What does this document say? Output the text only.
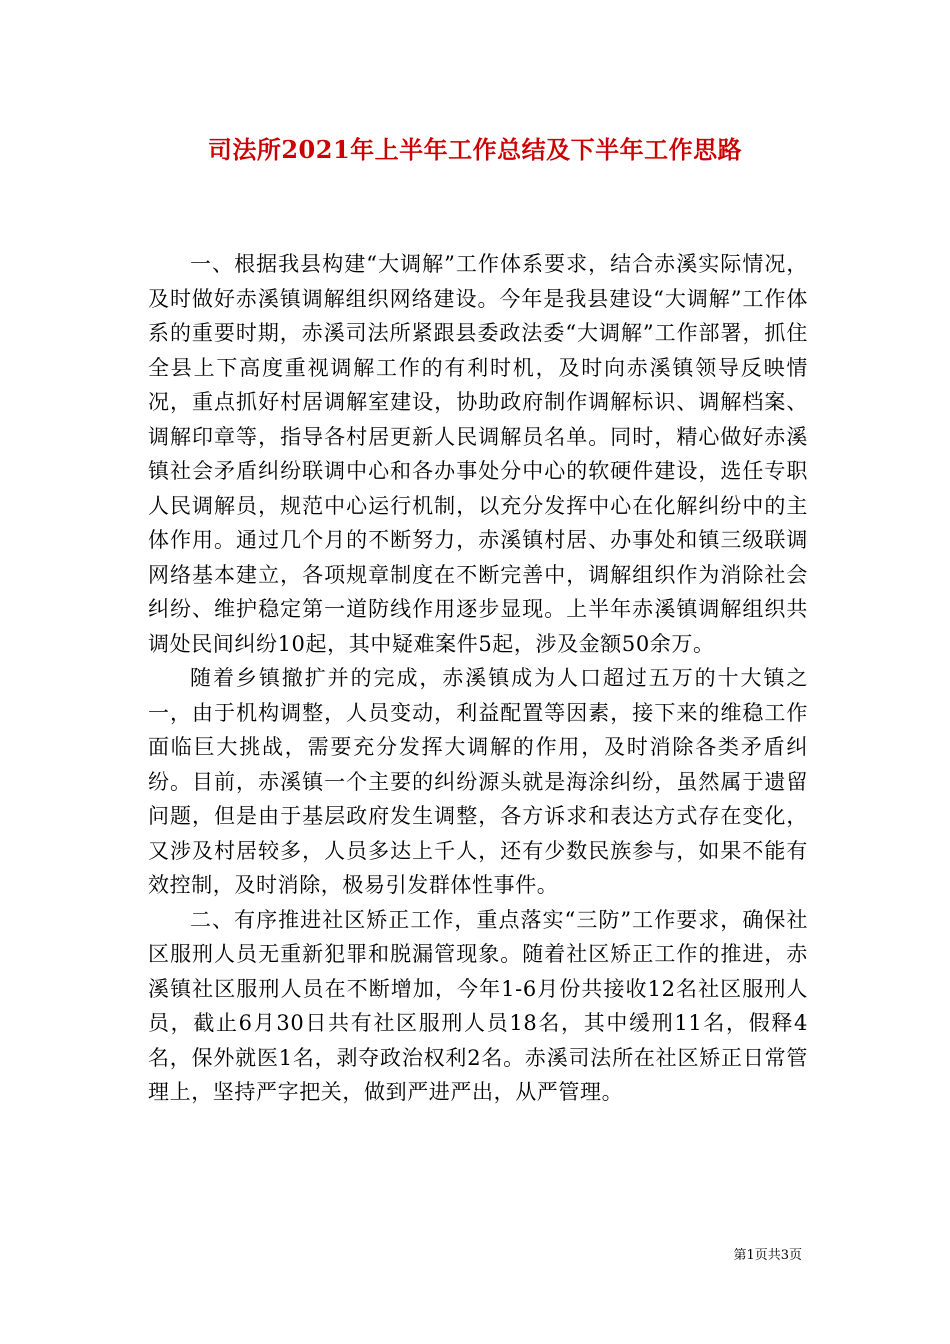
司法所2021年上半年工作总结及下半年工作思路

一、根据我县构建“大调解”工作体系要求，结合赤溪实际情况，及时做好赤溪镇调解组织网络建设。今年是我县建设“大调解”工作体系的重要时期，赤溪司法所紧跟县委政法委“大调解”工作部署，抓住全县上下高度重视调解工作的有利时机，及时向赤溪镇领导反映情况，重点抓好村居调解室建设，协助政府制作调解标识、调解档案、调解印章等，指导各村居更新人民调解员名单。同时，精心做好赤溪镇社会矛盾纠纷联调中心和各办事处分中心的软硬件建设，选任专职人民调解员，规范中心运行机制，以充分发挥中心在化解纠纷中的主体作用。通过几个月的不断努力，赤溪镇村居、办事处和镇三级联调网络基本建立，各项规章制度在不断完善中，调解组织作为消除社会纠纷、维护稳定第一道防线作用逐步显现。上半年赤溪镇调解组织共调处民间纠纷10起，其中疑难案件5起，涉及金额50余万。

随着乡镇撤扩并的完成，赤溪镇成为人口超过五万的十大镇之一，由于机构调整，人员变动，利益配置等因素，接下来的维稳工作面临巨大挑战，需要充分发挥大调解的作用，及时消除各类矛盾纠纷。目前，赤溪镇一个主要的纠纷源头就是海涂纠纷，虽然属于遗留问题，但是由于基层政府发生调整，各方诉求和表达方式存在变化，又涉及村居较多，人员多达上千人，还有少数民族参与，如果不能有效控制，及时消除，极易引发群体性事件。

二、有序推进社区矫正工作，重点落实“三防”工作要求，确保社区服刑人员无重新犯罪和脱漏管现象。随着社区矫正工作的推进，赤溪镇社区服刑人员在不断增加，今年1-6月份共接收12名社区服刑人员，截止6月30日共有社区服刑人员18名，其中缓刑11名，假释4名，保外就医1名，剥夺政治权利2名。赤溪司法所在社区矫正日常管理上，坚持严字把关，做到严进严出，从严管理。

第1页共3页
